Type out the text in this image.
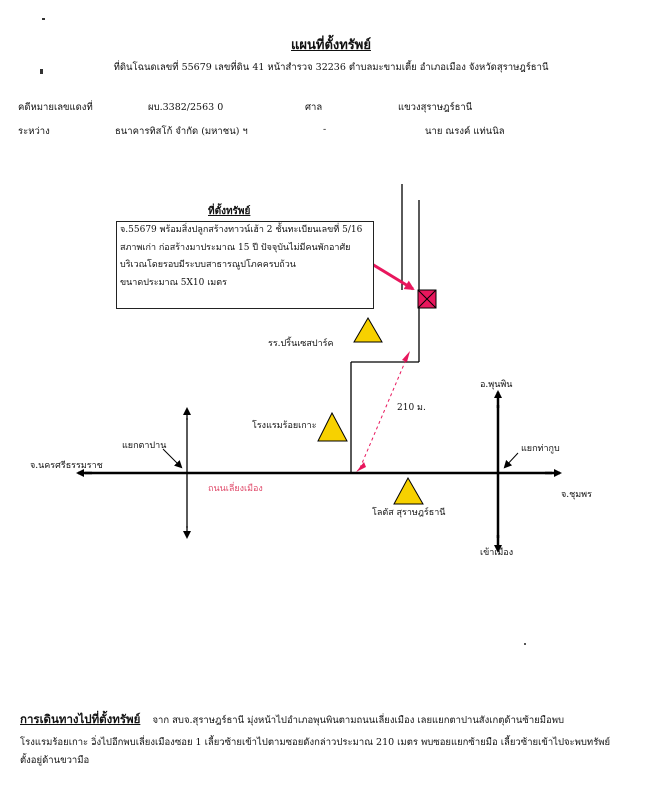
แผนที่ตั้งทรัพย์
ที่ดินโฉนดเลขที่ 55679 เลขที่ดิน 41 หน้าสำรวจ 32236 ตำบลมะขามเตี้ย อำเภอเมือง จังหวัดสุราษฎร์ธานี
คดีหมายเลขแดงที่	ผบ.3382/2563 0	ศาล	แขวงสุราษฎร์ธานี
ระหว่าง	ธนาคารทิสโก้ จำกัด (มหาชน) ฯ	-	นาย ณรงค์ แท่นนิล
ที่ตั้งทรัพย์
จ.55679 พร้อมสิ่งปลูกสร้างทาวน์เฮ้า 2 ชั้นทะเบียนเลขที่ 5/16
สภาพเก่า ก่อสร้างมาประมาณ 15 ปี ปัจจุบันไม่มีคนพักอาศัย
บริเวณโดยรอบมีระบบสาธารณูปโภคครบถ้วน
ขนาดประมาณ 5X10 เมตร
รร.ปริ้นเซสปาร์ค
โรงแรมร้อยเกาะ
โลตัส สุราษฎร์ธานี
210 ม.
แยกตาปาน	แยกท่ากูบ
จ.นครศรีธรรมราช
จ.ชุมพร
อ.พุนพิน
เข้าเมือง
ถนนเลี่ยงเมือง
การเดินทางไปที่ตั้งทรัพย์ จาก สบจ.สุราษฎร์ธานี มุ่งหน้าไปอำเภอพุนพินตามถนนเลี่ยงเมือง เลยแยกตาปานสังเกตุด้านซ้ายมือพบ
โรงแรมร้อยเกาะ วิ่งไปอีกพบเลี่ยงเมืองซอย 1 เลี้ยวซ้ายเข้าไปตามซอยดังกล่าวประมาณ 210 เมตร พบซอยแยกซ้ายมือ เลี้ยวซ้ายเข้าไปจะพบทรัพย์
ตั้งอยู่ด้านขวามือ
